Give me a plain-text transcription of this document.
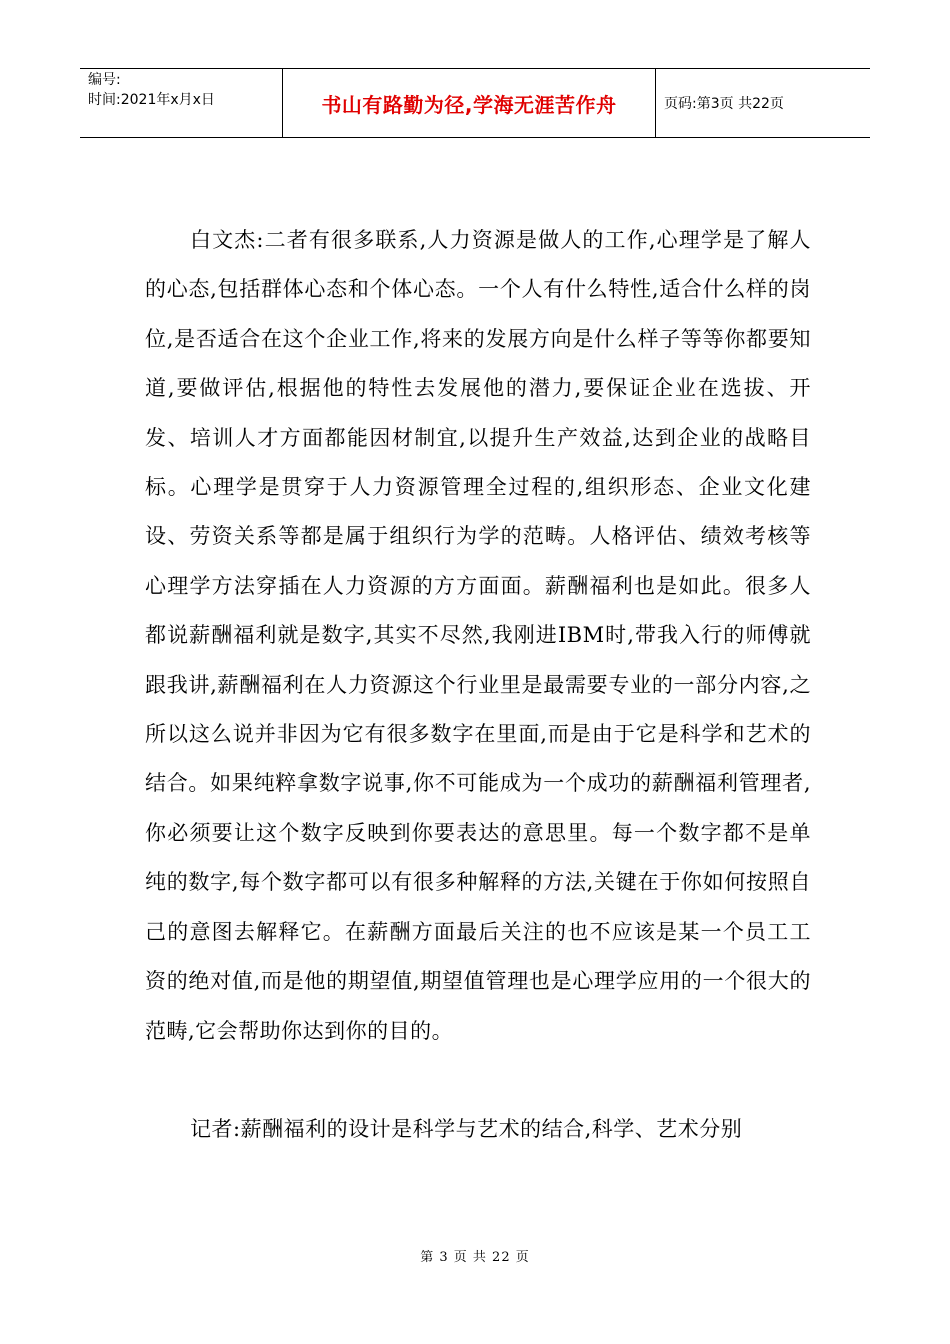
编号:
时间:2021年x月x日	书山有路勤为径,学海无涯苦作舟	页码:第3页 共22页

白文杰:二者有很多联系,人力资源是做人的工作,心理学是了解人的心态,包括群体心态和个体心态。一个人有什么特性,适合什么样的岗位,是否适合在这个企业工作,将来的发展方向是什么样子等等你都要知道,要做评估,根据他的特性去发展他的潜力,要保证企业在选拔、开发、培训人才方面都能因材制宜,以提升生产效益,达到企业的战略目标。心理学是贯穿于人力资源管理全过程的,组织形态、企业文化建设、劳资关系等都是属于组织行为学的范畴。人格评估、绩效考核等心理学方法穿插在人力资源的方方面面。薪酬福利也是如此。很多人都说薪酬福利就是数字,其实不尽然,我刚进IBM时,带我入行的师傅就跟我讲,薪酬福利在人力资源这个行业里是最需要专业的一部分内容,之所以这么说并非因为它有很多数字在里面,而是由于它是科学和艺术的结合。如果纯粹拿数字说事,你不可能成为一个成功的薪酬福利管理者,你必须要让这个数字反映到你要表达的意思里。每一个数字都不是单纯的数字,每个数字都可以有很多种解释的方法,关键在于你如何按照自己的意图去解释它。在薪酬方面最后关注的也不应该是某一个员工工资的绝对值,而是他的期望值,期望值管理也是心理学应用的一个很大的范畴,它会帮助你达到你的目的。

记者:薪酬福利的设计是科学与艺术的结合,科学、艺术分别

第 3 页 共 22 页
